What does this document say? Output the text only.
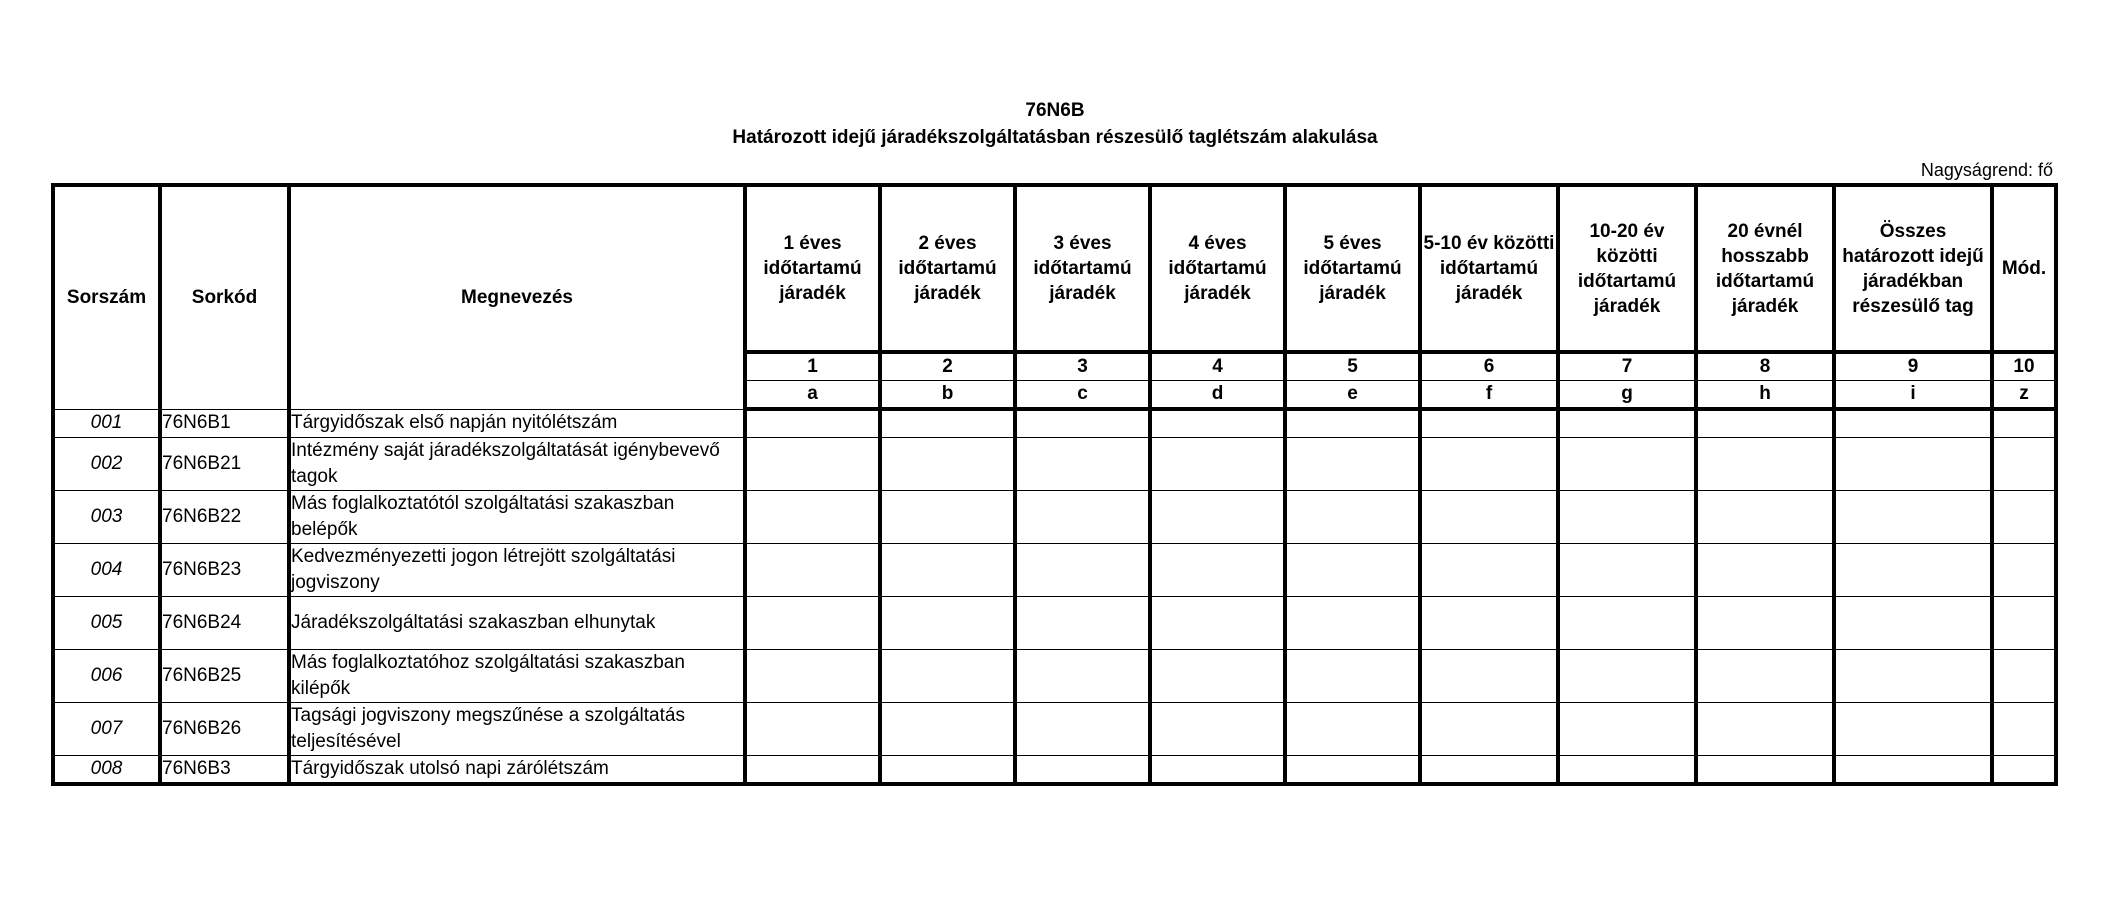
76N6B
Határozott idejű járadékszolgáltatásban részesülő taglétszám alakulása
Nagyságrend: fő
Sorszám	Sorkód	Megnevezés	1 éves időtartamú járadék	2 éves időtartamú járadék	3 éves időtartamú járadék	4 éves időtartamú járadék	5 éves időtartamú járadék	5-10 év közötti időtartamú járadék	10-20 év közötti időtartamú járadék	20 évnél hosszabb időtartamú járadék	Összes határozott idejű járadékban részesülő tag	Mód.
			1	2	3	4	5	6	7	8	9	10
			a	b	c	d	e	f	g	h	i	z
001	76N6B1	Tárgyidőszak első napján nyitólétszám										
002	76N6B21	Intézmény saját járadékszolgáltatását igénybevevő tagok										
003	76N6B22	Más foglalkoztatótól szolgáltatási szakaszban belépők										
004	76N6B23	Kedvezményezetti jogon létrejött szolgáltatási jogviszony										
005	76N6B24	Járadékszolgáltatási szakaszban elhunytak										
006	76N6B25	Más foglalkoztatóhoz szolgáltatási szakaszban kilépők										
007	76N6B26	Tagsági jogviszony megszűnése a szolgáltatás teljesítésével										
008	76N6B3	Tárgyidőszak utolsó napi zárólétszám										
